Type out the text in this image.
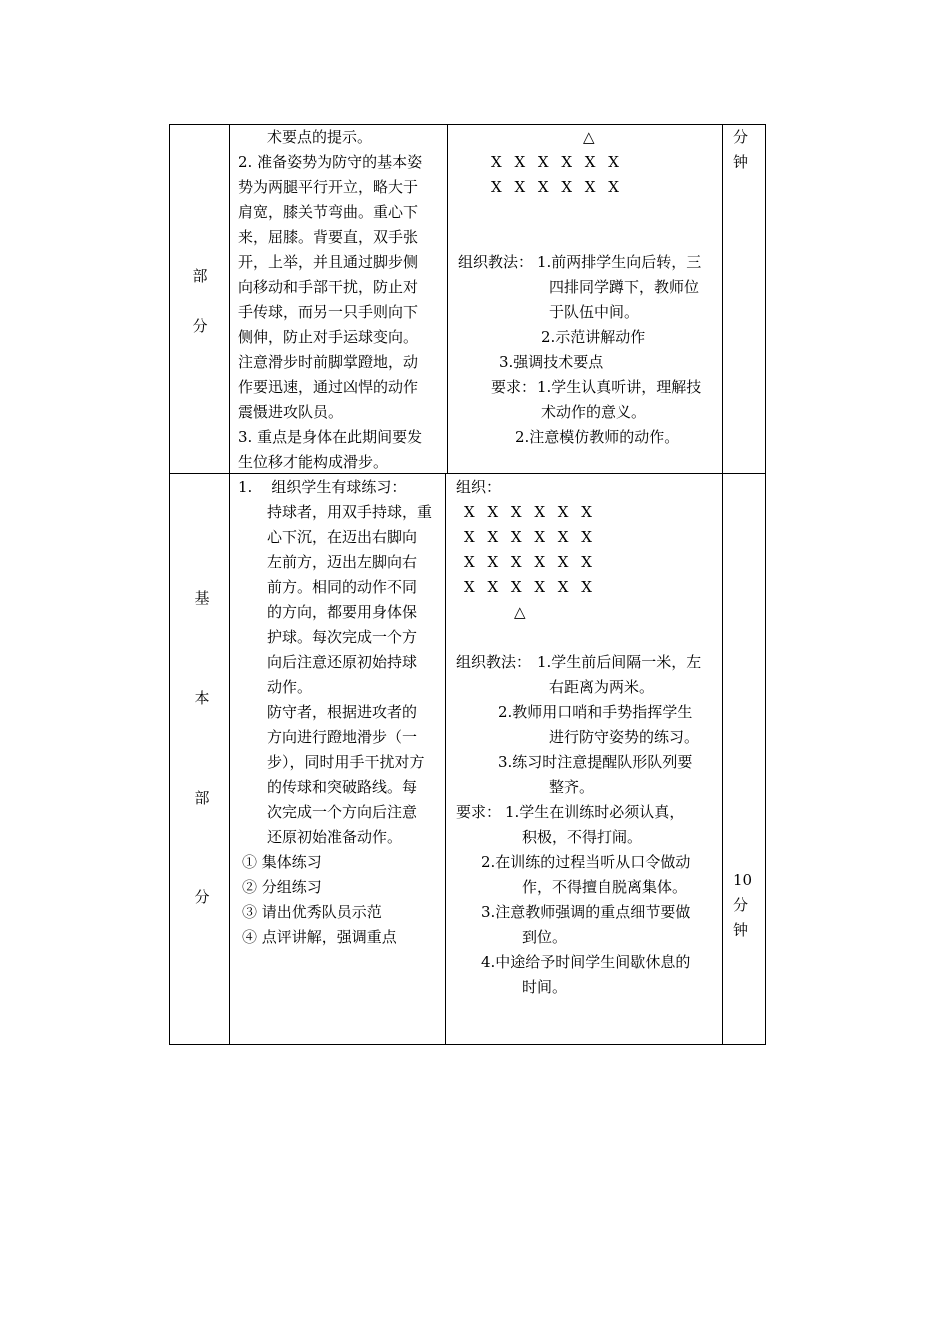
部
分
术要点的提示。
2. 准备姿势为防守的基本姿
势为两腿平行开立，略大于
肩宽，膝关节弯曲。重心下
来，屈膝。背要直，双手张
开，上举，并且通过脚步侧
向移动和手部干扰，防止对
手传球，而另一只手则向下
侧伸，防止对手运球变向。
注意滑步时前脚掌蹬地，动
作要迅速，通过凶悍的动作
震慑进攻队员。
3. 重点是身体在此期间要发
生位移才能构成滑步。
△
X X X X X X
X X X X X X
组织教法： 1.前两排学生向后转，三
四排同学蹲下，教师位
于队伍中间。
2.示范讲解动作
3.强调技术要点
要求： 1.学生认真听讲，理解技
术动作的意义。
2.注意模仿教师的动作。
分
钟
基
本
部
分
1.    组织学生有球练习：
持球者，用双手持球，重
心下沉，在迈出右脚向
左前方，迈出左脚向右
前方。相同的动作不同
的方向，都要用身体保
护球。每次完成一个方
向后注意还原初始持球
动作。
防守者，根据进攻者的
方向进行蹬地滑步（一
步），同时用手干扰对方
的传球和突破路线。每
次完成一个方向后注意
还原初始准备动作。
① 集体练习
② 分组练习
③ 请出优秀队员示范
④ 点评讲解，强调重点
组织：
X X X X X X
X X X X X X
X X X X X X
X X X X X X
△
组织教法： 1.学生前后间隔一米，左
右距离为两米。
2.教师用口哨和手势指挥学生
进行防守姿势的练习。
3.练习时注意提醒队形队列要
整齐。
要求： 1.学生在训练时必须认真，
积极，不得打闹。
2.在训练的过程当听从口令做动
作，不得擅自脱离集体。
3.注意教师强调的重点细节要做
到位。
4.中途给予时间学生间歇休息的
时间。
10
分
钟
